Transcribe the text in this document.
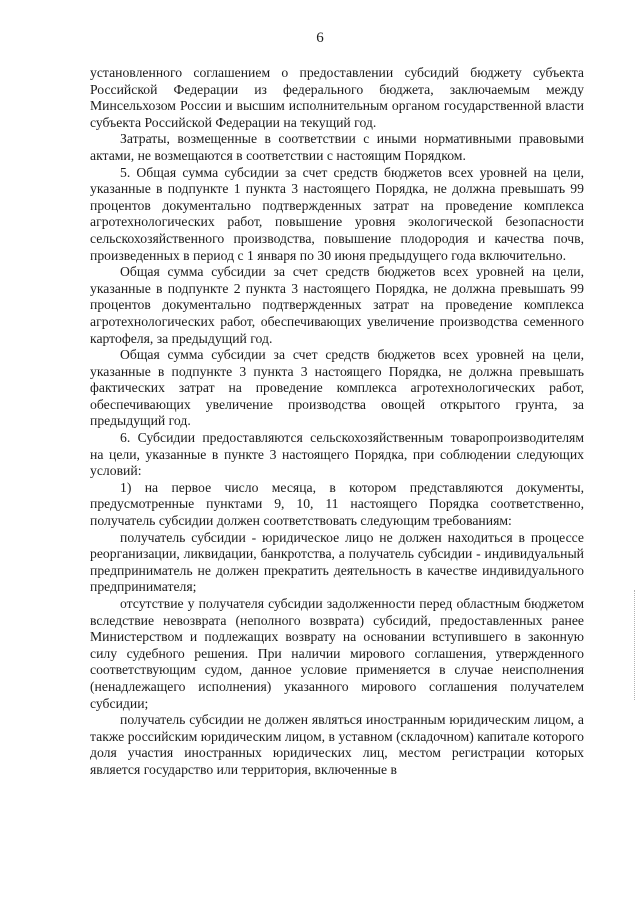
6

установленного соглашением о предоставлении субсидий бюджету субъекта Российской Федерации из федерального бюджета, заключаемым между Минсельхозом России и высшим исполнительным органом государственной власти субъекта Российской Федерации на текущий год.

Затраты, возмещенные в соответствии с иными нормативными правовыми актами, не возмещаются в соответствии с настоящим Порядком.

5. Общая сумма субсидии за счет средств бюджетов всех уровней на цели, указанные в подпункте 1 пункта 3 настоящего Порядка, не должна превышать 99 процентов документально подтвержденных затрат на проведение комплекса агротехнологических работ, повышение уровня экологической безопасности сельскохозяйственного производства, повышение плодородия и качества почв, произведенных в период с 1 января по 30 июня предыдущего года включительно.

Общая сумма субсидии за счет средств бюджетов всех уровней на цели, указанные в подпункте 2 пункта 3 настоящего Порядка, не должна превышать 99 процентов документально подтвержденных затрат на проведение комплекса агротехнологических работ, обеспечивающих увеличение производства семенного картофеля, за предыдущий год.

Общая сумма субсидии за счет средств бюджетов всех уровней на цели, указанные в подпункте 3 пункта 3 настоящего Порядка, не должна превышать фактических затрат на проведение комплекса агротехнологических работ, обеспечивающих увеличение производства овощей открытого грунта, за предыдущий год.

6. Субсидии предоставляются сельскохозяйственным товаропроизводителям на цели, указанные в пункте 3 настоящего Порядка, при соблюдении следующих условий:

1) на первое число месяца, в котором представляются документы, предусмотренные пунктами 9, 10, 11 настоящего Порядка соответственно, получатель субсидии должен соответствовать следующим требованиям:

получатель субсидии - юридическое лицо не должен находиться в процессе реорганизации, ликвидации, банкротства, а получатель субсидии - индивидуальный предприниматель не должен прекратить деятельность в качестве индивидуального предпринимателя;

отсутствие у получателя субсидии задолженности перед областным бюджетом вследствие невозврата (неполного возврата) субсидий, предоставленных ранее Министерством и подлежащих возврату на основании вступившего в законную силу судебного решения. При наличии мирового соглашения, утвержденного соответствующим судом, данное условие применяется в случае неисполнения (ненадлежащего исполнения) указанного мирового соглашения получателем субсидии;

получатель субсидии не должен являться иностранным юридическим лицом, а также российским юридическим лицом, в уставном (складочном) капитале которого доля участия иностранных юридических лиц, местом регистрации которых является государство или территория, включенные в
